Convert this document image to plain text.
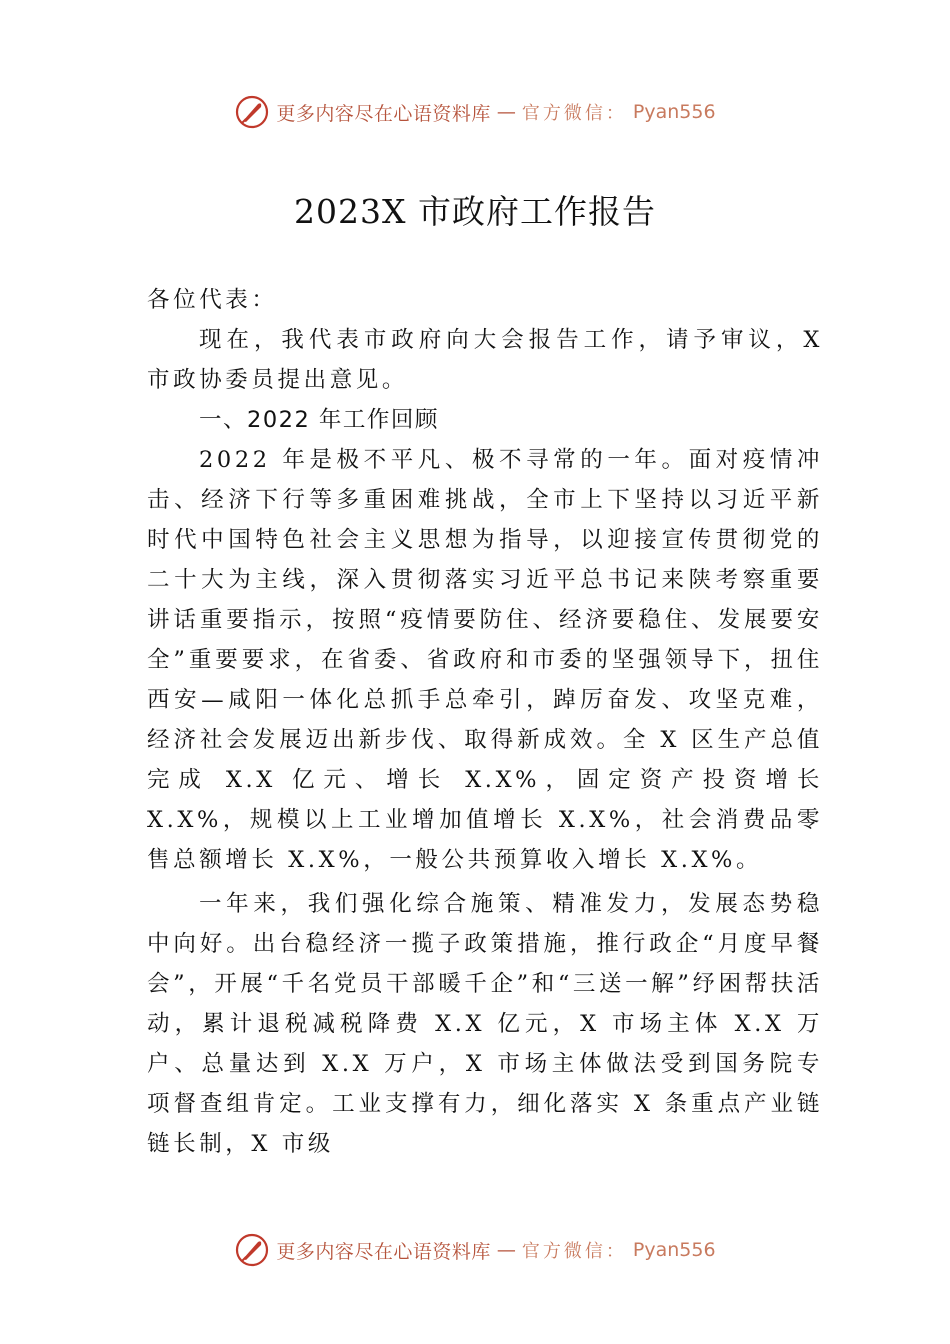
更多内容尽在心语资料库 — 官方微信： Pyan556
2023X 市政府工作报告

各位代表：

现在，我代表市政府向大会报告工作，请予审议，X 市政协委员提出意见。

一、2022 年工作回顾

2022 年是极不平凡、极不寻常的一年。面对疫情冲击、经济下行等多重困难挑战，全市上下坚持以习近平新时代中国特色社会主义思想为指导，以迎接宣传贯彻党的二十大为主线，深入贯彻落实习近平总书记来陕考察重要讲话重要指示，按照“疫情要防住、经济要稳住、发展要安全”重要要求，在省委、省政府和市委的坚强领导下，扭住西安—咸阳一体化总抓手总牵引，踔厉奋发、攻坚克难，经济社会发展迈出新步伐、取得新成效。全 X 区生产总值完成 X.X 亿元、增长 X.X%，固定资产投资增长 X.X%，规模以上工业增加值增长 X.X%，社会消费品零售总额增长 X.X%，一般公共预算收入增长 X.X%。

一年来，我们强化综合施策、精准发力，发展态势稳中向好。出台稳经济一揽子政策措施，推行政企“月度早餐会”，开展“千名党员干部暖千企”和“三送一解”纾困帮扶活动，累计退税减税降费 X.X 亿元，X 市场主体 X.X 万户、总量达到 X.X 万户，X 市场主体做法受到国务院专项督查组肯定。工业支撑有力，细化落实 X 条重点产业链链长制，X 市级

更多内容尽在心语资料库 — 官方微信： Pyan556
